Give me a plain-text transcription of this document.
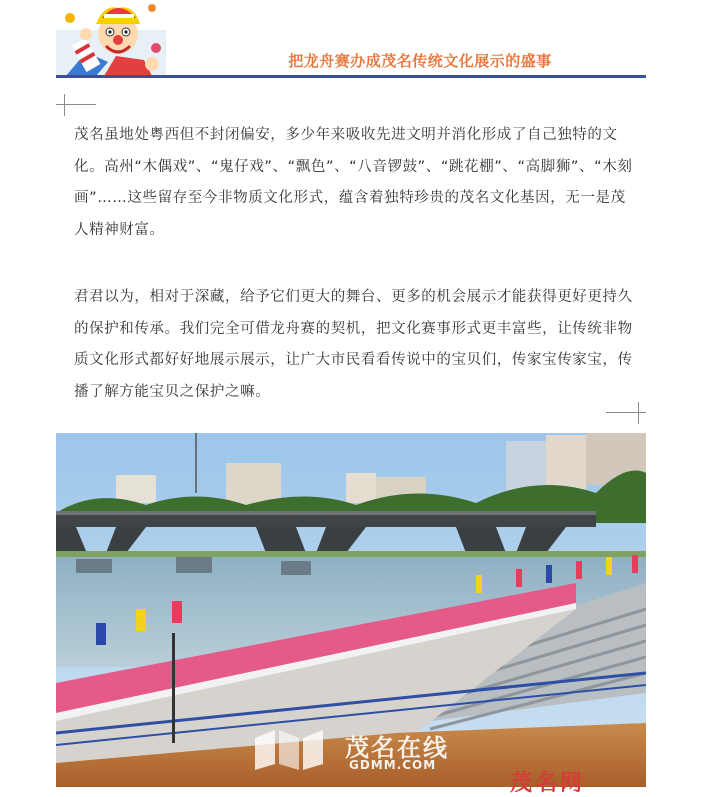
把龙舟赛办成茂名传统文化展示的盛事
茂名虽地处粤西但不封闭偏安，多少年来吸收先进文明并消化形成了自己独特的文化。高州“木偶戏”、“鬼仔戏”、“飘色”、“八音锣鼓”、“跳花棚”、“高脚狮”、“木刻画”……这些留存至今非物质文化形式，蕴含着独特珍贵的茂名文化基因，无一是茂人精神财富。
君君以为，相对于深藏，给予它们更大的舞台、更多的机会展示才能获得更好更持久的保护和传承。我们完全可借龙舟赛的契机，把文化赛事形式更丰富些，让传统非物质文化形式都好好地展示展示，让广大市民看看传说中的宝贝们，传家宝传家宝，传播了解方能宝贝之保护之嘛。
茂名在线
GDMM.COM
茂名网
